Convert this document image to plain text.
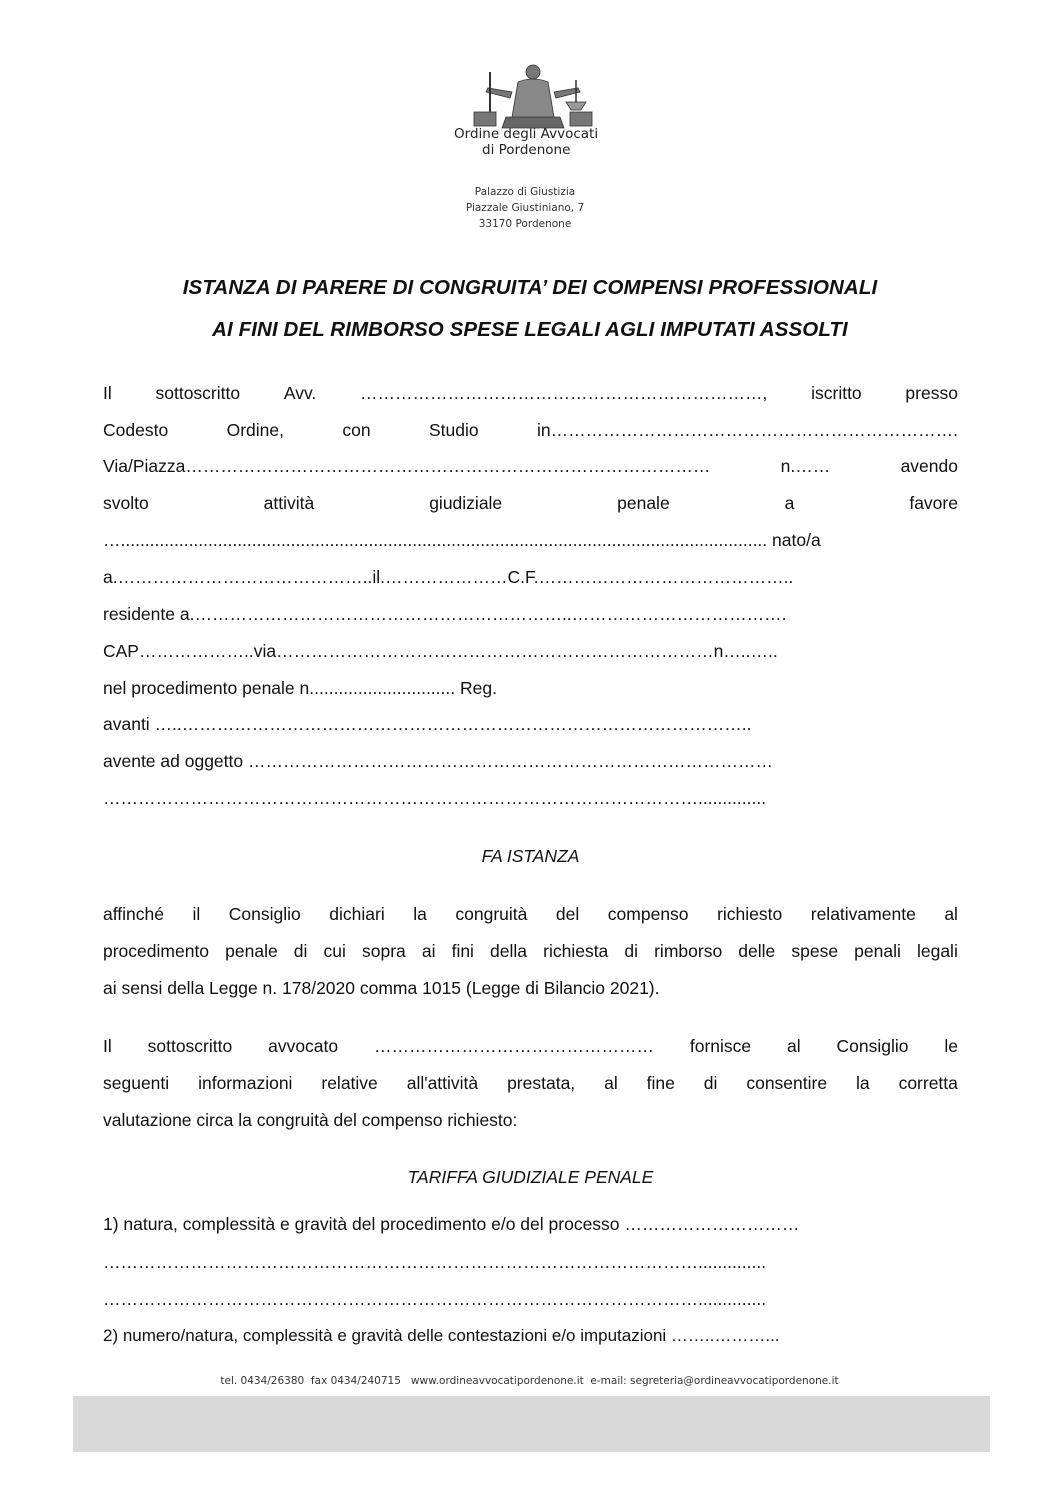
Ordine degli Avvocati
di Pordenone
Palazzo di Giustizia
Piazzale Giustiniano, 7
33170 Pordenone
ISTANZA DI PARERE DI CONGRUITA’ DEI COMPENSI PROFESSIONALI
AI FINI DEL RIMBORSO SPESE LEGALI AGLI IMPUTATI ASSOLTI
Il sottoscritto Avv. ……………………………………………………………, iscritto presso
Codesto	Ordine,	con	Studio	in…………………………………………………………….
Via/Piazza………………………………………………………………………………	n.……	avendo
svolto	attività	giudiziale	penale	a	favore
…..................................................................................................................................... nato/a
a.……………………………………..il.…………………C.F.……………………………………..
residente a.………………………………………………………..……………………………….
CAP………………..via…………………………………………………………………n…..…..
nel procedimento penale n.............................. Reg.
avanti …..……………………………………………………………………………………..
avente ad oggetto ………………………………………………………………………………
…………………………………………………………………………………………..............
FA ISTANZA
affinché il Consiglio dichiari la congruità del compenso richiesto relativamente al
procedimento penale di cui sopra ai fini della richiesta di rimborso delle spese penali legali
ai sensi della Legge n. 178/2020 comma 1015 (Legge di Bilancio 2021).
Il sottoscritto avvocato ………………………………………… fornisce al Consiglio le
seguenti informazioni relative all'attività prestata, al fine di consentire la corretta
valutazione circa la congruità del compenso richiesto:
TARIFFA GIUDIZIALE PENALE
1) natura, complessità e gravità del procedimento e/o del processo …………………………
…………………………………………………………………………………………..............
…………………………………………………………………………………………..............
2) numero/natura, complessità e gravità delle contestazioni e/o imputazioni ……..………...
tel. 0434/26380  fax 0434/240715   www.ordineavvocatipordenone.it  e-mail: segreteria@ordineavvocatipordenone.it
